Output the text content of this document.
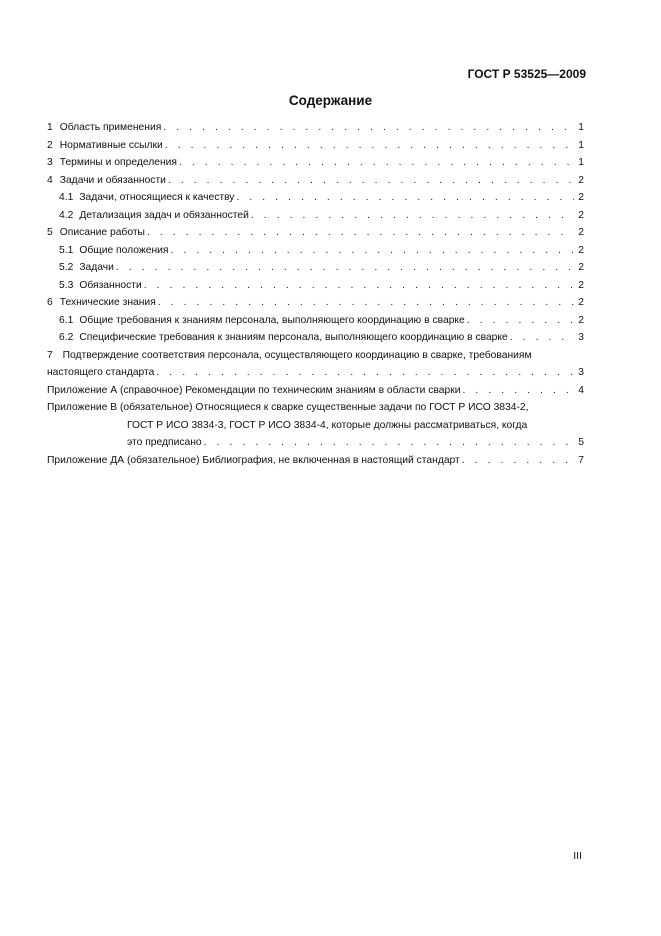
ГОСТ Р 53525—2009
Содержание
1 Область применения . . .	1
2 Нормативные ссылки . . .	1
3 Термины и определения . . .	1
4 Задачи и обязанности . . .	2
4.1 Задачи, относящиеся к качеству . . .	2
4.2 Детализация задач и обязанностей . . .	2
5 Описание работы . . .	2
5.1 Общие положения . . .	2
5.2 Задачи . . .	2
5.3 Обязанности . . .	2
6 Технические знания . . .	2
6.1 Общие требования к знаниям персонала, выполняющего координацию в сварке . . .	2
6.2 Специфические требования к знаниям персонала, выполняющего координацию в сварке . . .	3
7 Подтверждение соответствия персонала, осуществляющего координацию в сварке, требованиям
настоящего стандарта . . .	3
Приложение А (справочное) Рекомендации по техническим знаниям в области сварки . . .	4
Приложение В (обязательное) Относящиеся к сварке существенные задачи по ГОСТ Р ИСО 3834-2,
ГОСТ Р ИСО 3834-3, ГОСТ Р ИСО 3834-4, которые должны рассматриваться, когда
это предписано . . .	5
Приложение ДА (обязательное) Библиография, не включенная в настоящий стандарт . . .	7
III
